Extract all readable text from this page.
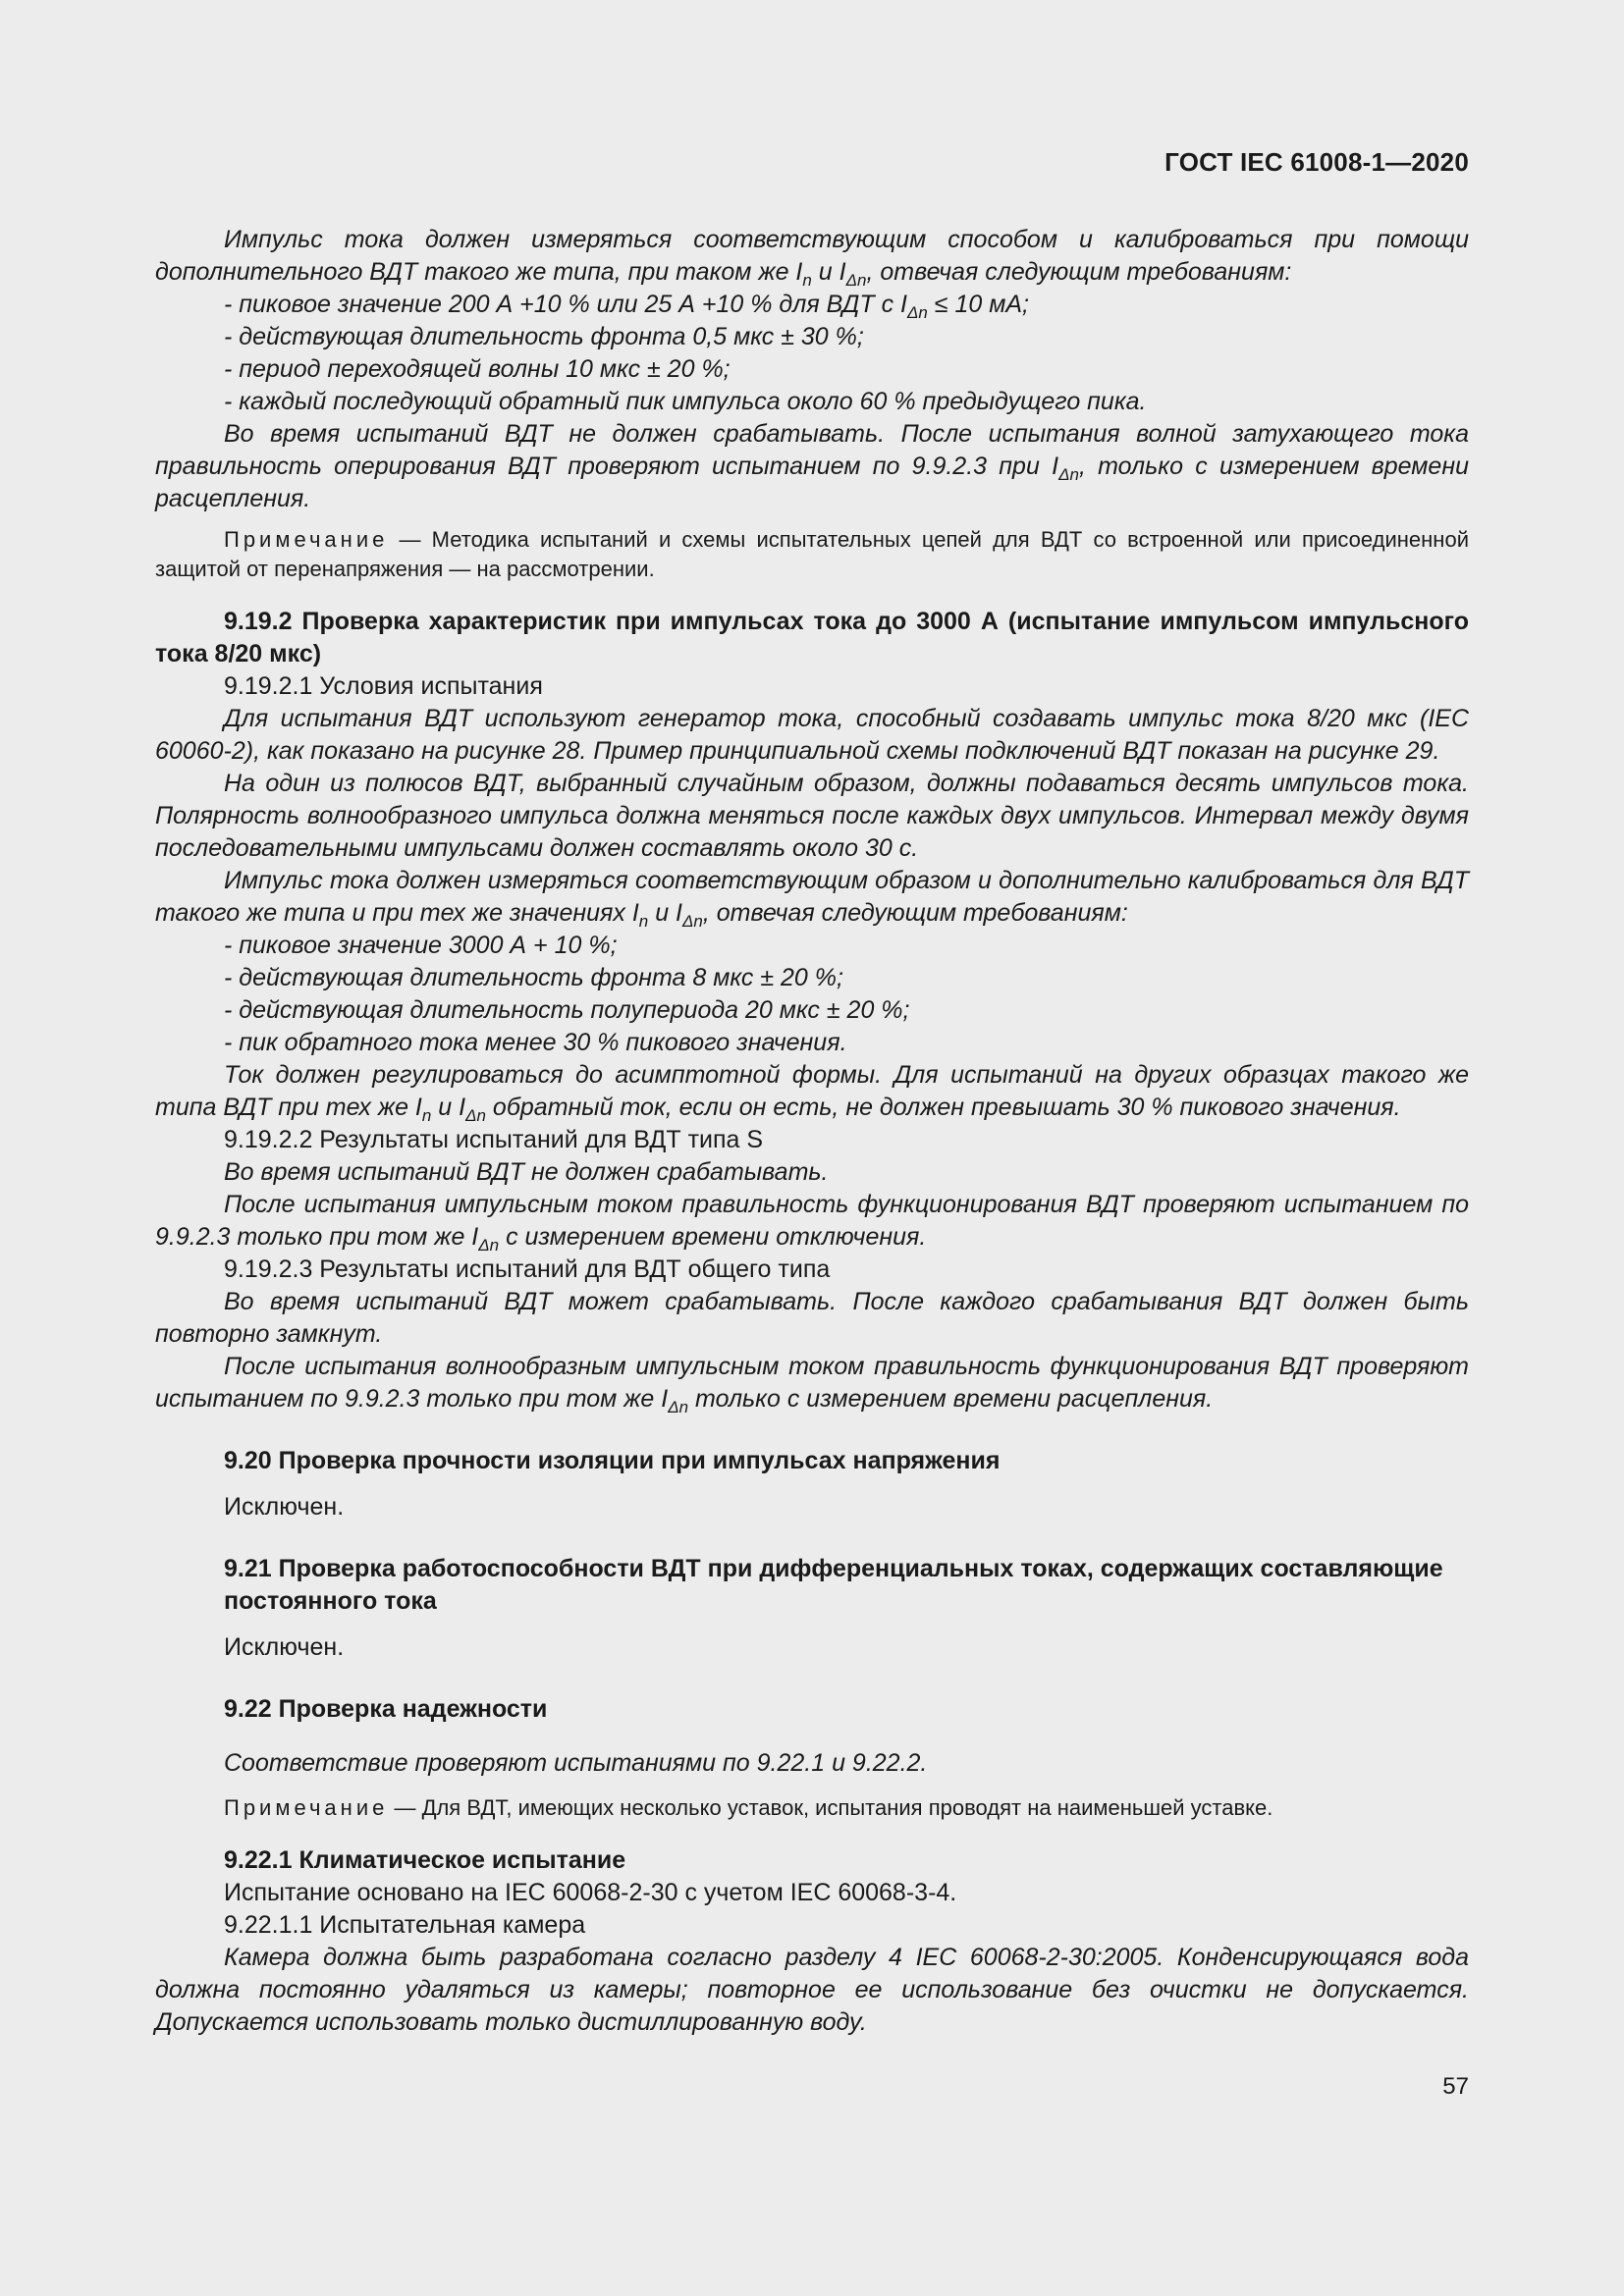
ГОСТ IEC 61008-1—2020

Импульс тока должен измеряться соответствующим способом и калиброваться при помощи дополнительного ВДТ такого же типа, при таком же $I_n$ и $I_{\Delta n}$, отвечая следующим требованиям:

- пиковое значение 200 А +10 % или 25 А +10 % для ВДТ с $I_{\Delta n} \le 10$ мА;

- действующая длительность фронта 0,5 мкс ± 30 %;

- период переходящей волны 10 мкс ± 20 %;

- каждый последующий обратный пик импульса около 60 % предыдущего пика.

Во время испытаний ВДТ не должен срабатывать. После испытания волной затухающего тока правильность оперирования ВДТ проверяют испытанием по 9.9.2.3 при $I_{\Delta n}$, только с измерением времени расцепления.

Примечание — Методика испытаний и схемы испытательных цепей для ВДТ со встроенной или присоединенной защитой от перенапряжения — на рассмотрении.

9.19.2 Проверка характеристик при импульсах тока до 3000 А (испытание импульсом импульсного тока 8/20 мкс)

9.19.2.1 Условия испытания

Для испытания ВДТ используют генератор тока, способный создавать импульс тока 8/20 мкс (IEC 60060-2), как показано на рисунке 28. Пример принципиальной схемы подключений ВДТ показан на рисунке 29.

На один из полюсов ВДТ, выбранный случайным образом, должны подаваться десять импульсов тока. Полярность волнообразного импульса должна меняться после каждых двух импульсов. Интервал между двумя последовательными импульсами должен составлять около 30 с.

Импульс тока должен измеряться соответствующим образом и дополнительно калиброваться для ВДТ такого же типа и при тех же значениях $I_n$ и $I_{\Delta n}$, отвечая следующим требованиям:

- пиковое значение 3000 А + 10 %;

- действующая длительность фронта 8 мкс ± 20 %;

- действующая длительность полупериода 20 мкс ± 20 %;

- пик обратного тока менее 30 % пикового значения.

Ток должен регулироваться до асимптотной формы. Для испытаний на других образцах такого же типа ВДТ при тех же $I_n$ и $I_{\Delta n}$ обратный ток, если он есть, не должен превышать 30 % пикового значения.

9.19.2.2 Результаты испытаний для ВДТ типа S

Во время испытаний ВДТ не должен срабатывать.

После испытания импульсным током правильность функционирования ВДТ проверяют испытанием по 9.9.2.3 только при том же $I_{\Delta n}$ с измерением времени отключения.

9.19.2.3 Результаты испытаний для ВДТ общего типа

Во время испытаний ВДТ может срабатывать. После каждого срабатывания ВДТ должен быть повторно замкнут.

После испытания волнообразным импульсным током правильность функционирования ВДТ проверяют испытанием по 9.9.2.3 только при том же $I_{\Delta n}$ только с измерением времени расцепления.

9.20 Проверка прочности изоляции при импульсах напряжения

Исключен.

9.21 Проверка работоспособности ВДТ при дифференциальных токах, содержащих составляющие постоянного тока

Исключен.

9.22 Проверка надежности

Соответствие проверяют испытаниями по 9.22.1 и 9.22.2.

Примечание — Для ВДТ, имеющих несколько уставок, испытания проводят на наименьшей уставке.

9.22.1 Климатическое испытание

Испытание основано на IEC 60068-2-30 с учетом IEC 60068-3-4.

9.22.1.1 Испытательная камера

Камера должна быть разработана согласно разделу 4 IEC 60068-2-30:2005. Конденсирующаяся вода должна постоянно удаляться из камеры; повторное ее использование без очистки не допускается. Допускается использовать только дистиллированную воду.

57
